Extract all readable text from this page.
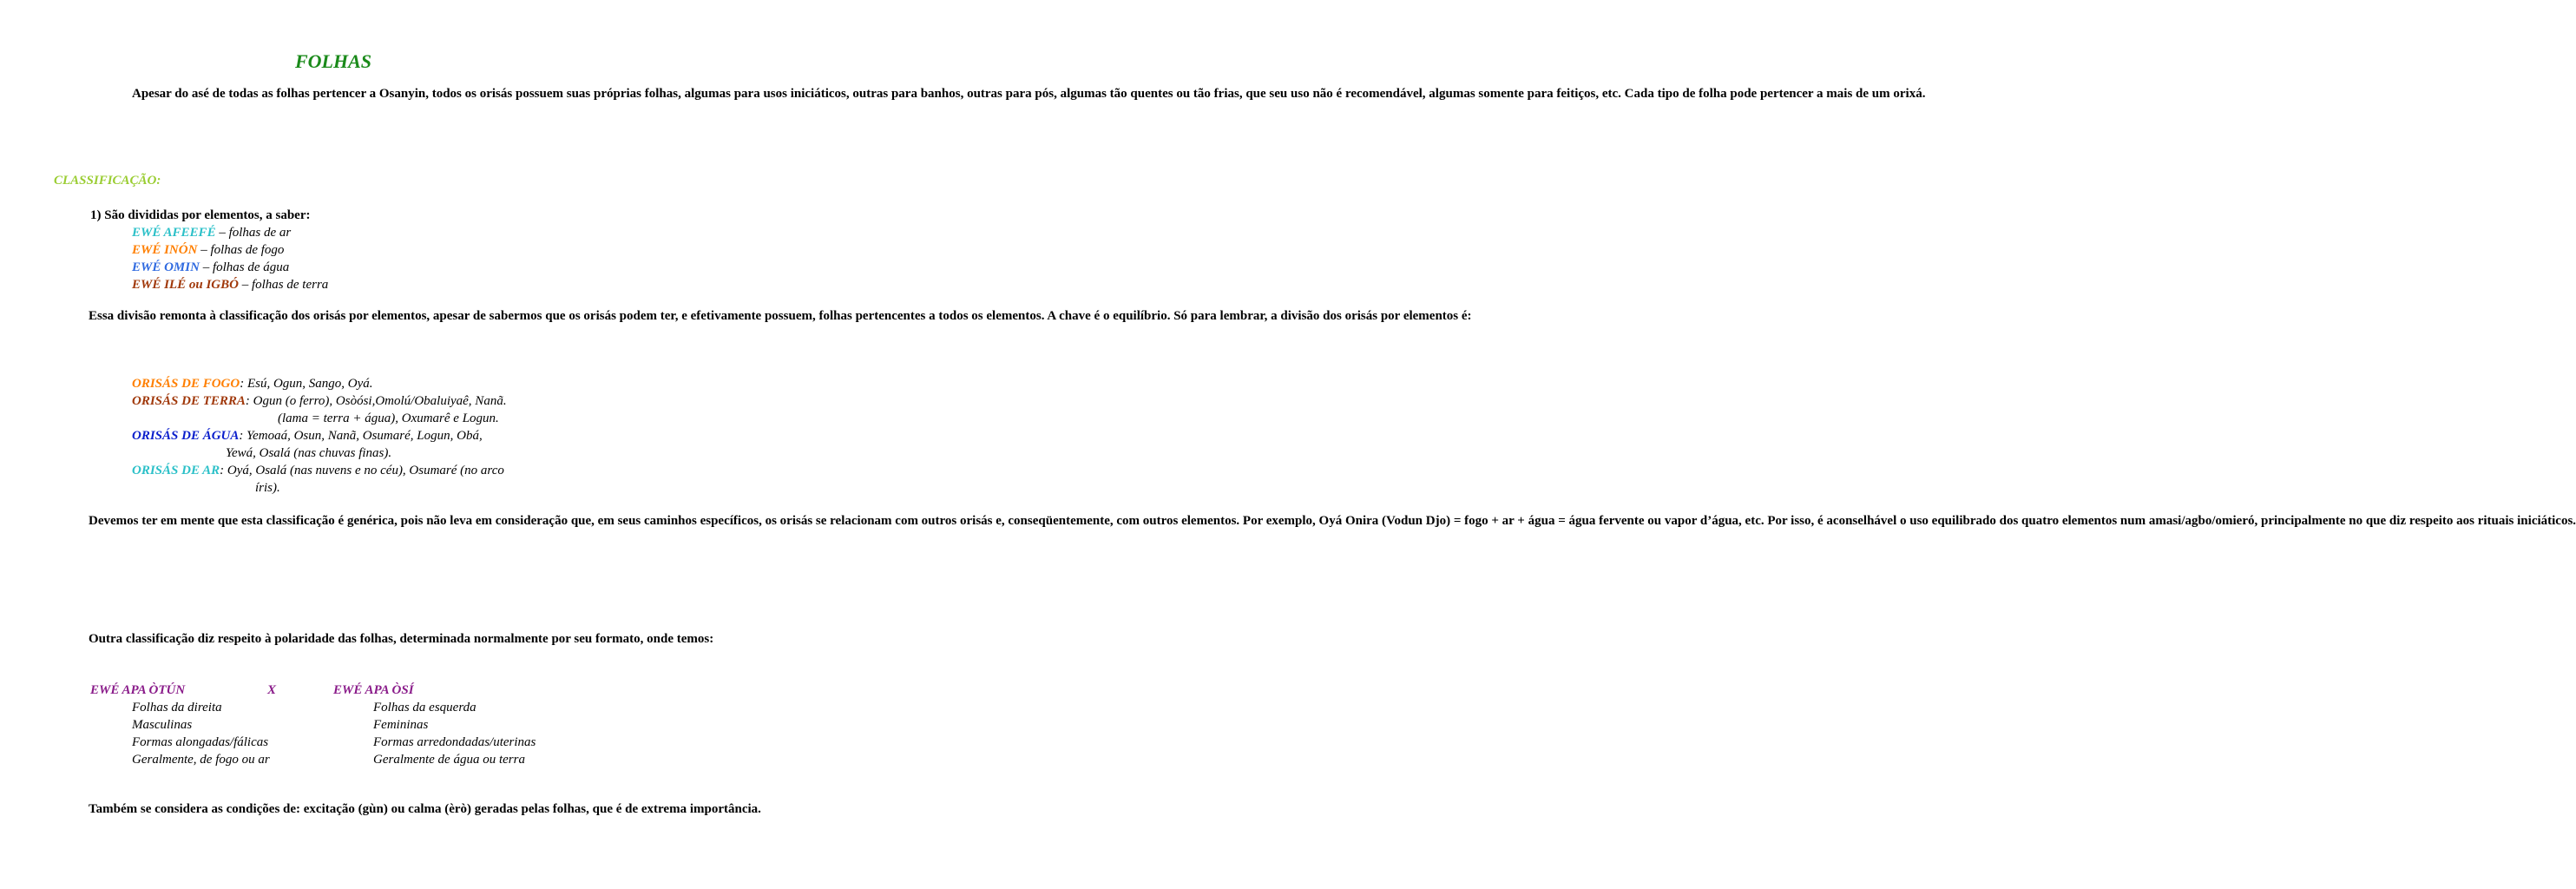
FOLHAS

Apesar do asé de todas as folhas pertencer a Osanyin, todos os orisás possuem suas próprias folhas, algumas para usos iniciáticos, outras para banhos, outras para pós, algumas tão quentes ou tão frias, que seu uso não é recomendável, algumas somente para feitiços, etc. Cada tipo de folha pode pertencer a mais de um orixá.

CLASSIFICAÇÃO:
1) São divididas por elementos, a saber:
EWÉ AFEEFÉ – folhas de ar
EWÉ INÓN – folhas de fogo
EWÉ OMIN – folhas de água
EWÉ ILÉ ou IGBÓ – folhas de terra

Essa divisão remonta à classificação dos orisás por elementos, apesar de sabermos que os orisás podem ter, e efetivamente possuem, folhas pertencentes a todos os elementos. A chave é o equilíbrio. Só para lembrar, a divisão dos orisás por elementos é:

ORISÁS DE FOGO: Esú, Ogun, Sango, Oyá.
ORISÁS DE TERRA: Ogun (o ferro), Osòósi,Omolú/Obaluiyaê, Nanã.
(lama = terra + água), Oxumarê e Logun.
ORISÁS DE ÁGUA: Yemoaá, Osun, Nanã, Osumaré, Logun, Obá,
Yewá, Osalá (nas chuvas finas).
ORISÁS DE AR: Oyá, Osalá (nas nuvens e no céu), Osumaré (no arco
íris).

Devemos ter em mente que esta classificação é genérica, pois não leva em consideração que, em seus caminhos específicos, os orisás se relacionam com outros orisás e, conseqüentemente, com outros elementos. Por exemplo, Oyá Onira (Vodun Djo) = fogo + ar + água = água fervente ou vapor d’água, etc. Por isso, é aconselhável o uso equilibrado dos quatro elementos num amasi/agbo/omieró, principalmente no que diz respeito aos rituais iniciáticos.

Outra classificação diz respeito à polaridade das folhas, determinada normalmente por seu formato, onde temos:

EWÉ APA ÒTÚN	X	EWÉ APA ÒSÍ
Folhas da direita
Masculinas
Formas alongadas/fálicas
Geralmente, de fogo ou ar
Folhas da esquerda
Femininas
Formas arredondadas/uterinas
Geralmente de água ou terra

Também se considera as condições de: excitação (gùn) ou calma (èrò) geradas pelas folhas, que é de extrema importância.
